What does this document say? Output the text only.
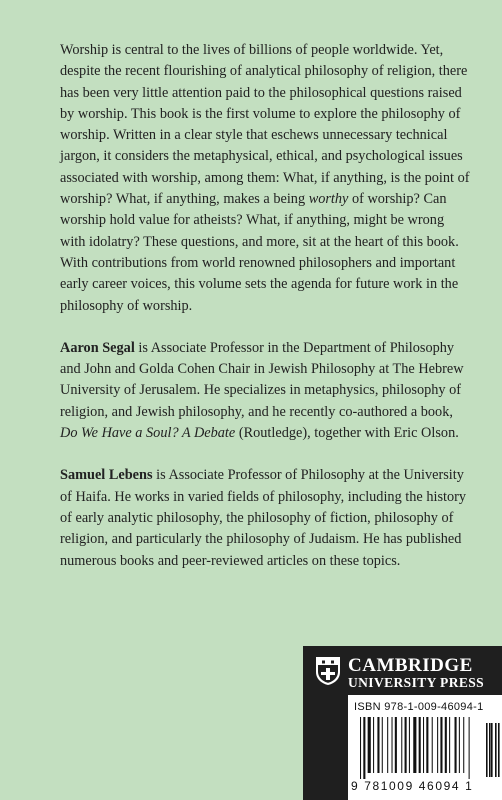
Worship is central to the lives of billions of people worldwide. Yet, despite the recent flourishing of analytical philosophy of religion, there has been very little attention paid to the philosophical questions raised by worship. This book is the first volume to explore the philosophy of worship. Written in a clear style that eschews unnecessary technical jargon, it considers the metaphysical, ethical, and psychological issues associated with worship, among them: What, if anything, is the point of worship? What, if anything, makes a being worthy of worship? Can worship hold value for atheists? What, if anything, might be wrong with idolatry? These questions, and more, sit at the heart of this book. With contributions from world renowned philosophers and important early career voices, this volume sets the agenda for future work in the philosophy of worship.

Aaron Segal is Associate Professor in the Department of Philosophy and John and Golda Cohen Chair in Jewish Philosophy at The Hebrew University of Jerusalem. He specializes in metaphysics, philosophy of religion, and Jewish philosophy, and he recently co-authored a book, Do We Have a Soul? A Debate (Routledge), together with Eric Olson.

Samuel Lebens is Associate Professor of Philosophy at the University of Haifa. He works in varied fields of philosophy, including the history of early analytic philosophy, the philosophy of fiction, philosophy of religion, and particularly the philosophy of Judaism. He has published numerous books and peer-reviewed articles on these topics.

CAMBRIDGE
UNIVERSITY PRESS
ISBN 978-1-009-46094-1
9 781009 46094 1
